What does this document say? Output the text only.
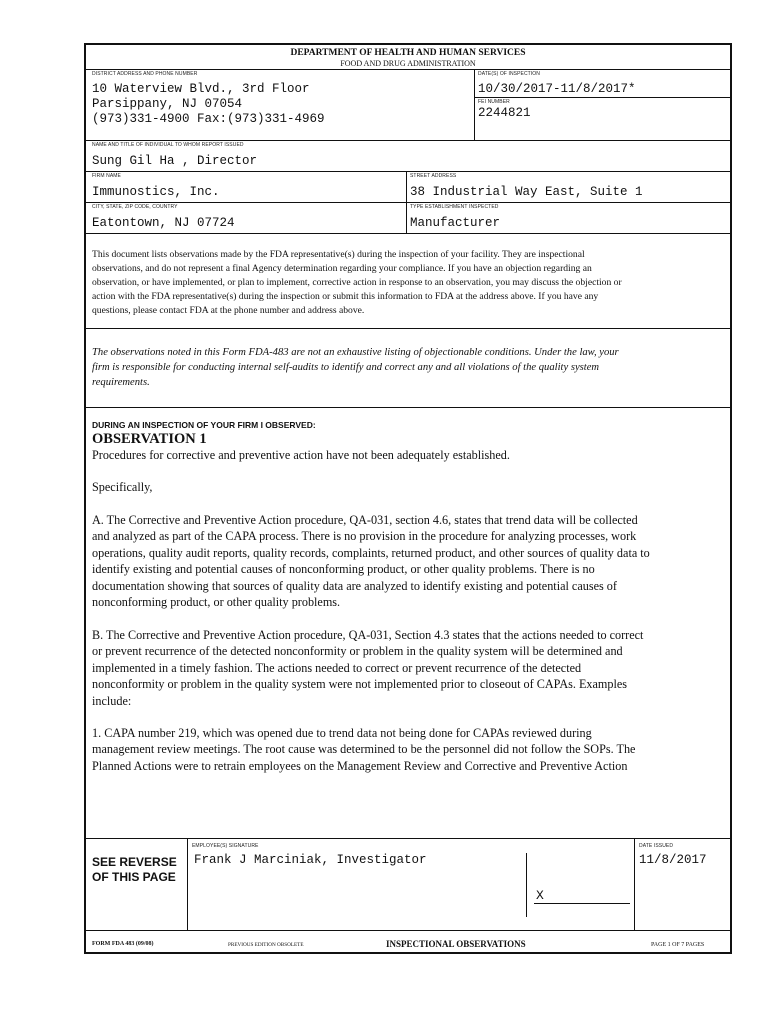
DEPARTMENT OF HEALTH AND HUMAN SERVICES
FOOD AND DRUG ADMINISTRATION
DISTRICT ADDRESS AND PHONE NUMBER
10 Waterview Blvd., 3rd Floor
Parsippany, NJ 07054
(973)331-4900 Fax:(973)331-4969
DATE(S) OF INSPECTION
10/30/2017-11/8/2017*
FEI NUMBER
2244821
NAME AND TITLE OF INDIVIDUAL TO WHOM REPORT ISSUED
Sung Gil Ha , Director
FIRM NAME
Immunostics, Inc.
STREET ADDRESS
38 Industrial Way East, Suite 1
CITY, STATE, ZIP CODE, COUNTRY
Eatontown, NJ 07724
TYPE ESTABLISHMENT INSPECTED
Manufacturer
This document lists observations made by the FDA representative(s) during the inspection of your facility. They are inspectional
observations, and do not represent a final Agency determination regarding your compliance. If you have an objection regarding an
observation, or have implemented, or plan to implement, corrective action in response to an observation, you may discuss the objection or
action with the FDA representative(s) during the inspection or submit this information to FDA at the address above. If you have any
questions, please contact FDA at the phone number and address above.
The observations noted in this Form FDA-483 are not an exhaustive listing of objectionable conditions. Under the law, your
firm is responsible for conducting internal self-audits to identify and correct any and all violations of the quality system
requirements.
DURING AN INSPECTION OF YOUR FIRM I OBSERVED:
OBSERVATION 1
Procedures for corrective and preventive action have not been adequately established.
Specifically,
A. The Corrective and Preventive Action procedure, QA-031, section 4.6, states that trend data will be collected
and analyzed as part of the CAPA process. There is no provision in the procedure for analyzing processes, work
operations, quality audit reports, quality records, complaints, returned product, and other sources of quality data to
identify existing and potential causes of nonconforming product, or other quality problems. There is no
documentation showing that sources of quality data are analyzed to identify existing and potential causes of
nonconforming product, or other quality problems.
B. The Corrective and Preventive Action procedure, QA-031, Section 4.3 states that the actions needed to correct
or prevent recurrence of the detected nonconformity or problem in the quality system will be determined and
implemented in a timely fashion. The actions needed to correct or prevent recurrence of the detected
nonconformity or problem in the quality system were not implemented prior to closeout of CAPAs. Examples
include:
1. CAPA number 219, which was opened due to trend data not being done for CAPAs reviewed during
management review meetings. The root cause was determined to be the personnel did not follow the SOPs. The
Planned Actions were to retrain employees on the Management Review and Corrective and Preventive Action
SEE REVERSE
OF THIS PAGE
EMPLOYEE(S) SIGNATURE
Frank J Marciniak, Investigator
X
DATE ISSUED
11/8/2017
FORM FDA 483 (09/08)	PREVIOUS EDITION OBSOLETE	INSPECTIONAL OBSERVATIONS	PAGE 1 OF 7 PAGES
